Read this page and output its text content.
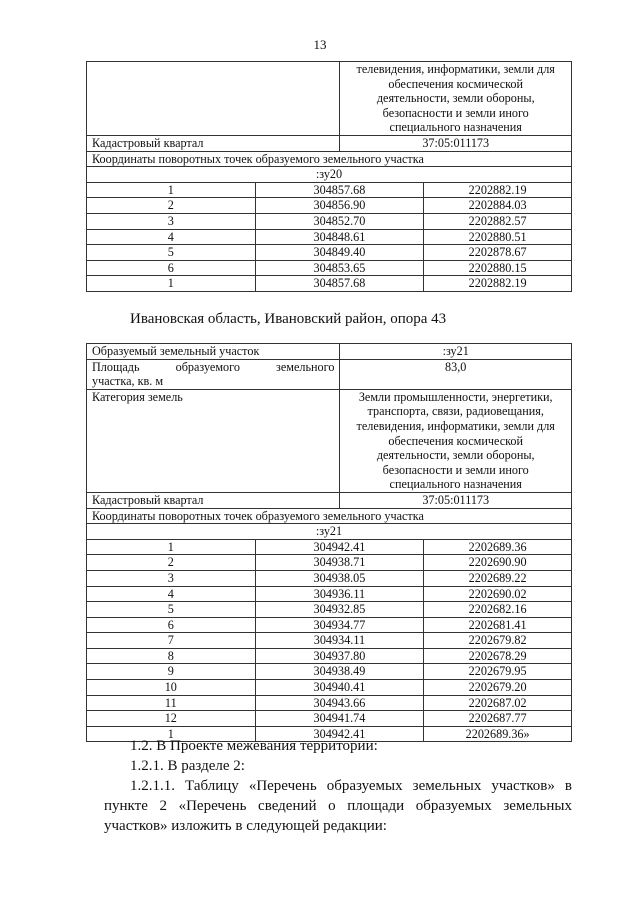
13

		телевидения, информатики, земли для
обеспечения космической
деятельности, земли обороны,
безопасности и земли иного
специального назначения	

Кадастровый квартал		37:05:011173	
Координаты поворотных точек образуемого земельного участка			
:зу20			
1	304857.68		2202882.19
2	304856.90		2202884.03
3	304852.70		2202882.57
4	304848.61		2202880.51
5	304849.40		2202878.67
6	304853.65		2202880.15
1	304857.68		2202882.19
Ивановская область, Ивановский район, опора 43
Образуемый земельный участок		:зу21	

Площадь образуемого земельного
участка, кв. м		83,0	
Категория земель	Земли промышленности, энергетики,
транспорта, связи, радиовещания,
телевидения, информатики, земли для
обеспечения космической
деятельности, земли обороны,
безопасности и земли иного
специального назначения

Кадастровый квартал		37:05:011173	
Координаты поворотных точек образуемого земельного участка			
:зу21			
1	304942.41		2202689.36
2	304938.71		2202690.90
3	304938.05		2202689.22
4	304936.11		2202690.02
5	304932.85		2202682.16
6	304934.77		2202681.41
7	304934.11		2202679.82
8	304937.80		2202678.29
9	304938.49		2202679.95
10	304940.41		2202679.20
11	304943.66		2202687.02
12	304941.74		2202687.77
1	304942.41		2202689.36»
1.2. В Проекте межевания территории:
1.2.1. В разделе 2:
1.2.1.1. Таблицу «Перечень образуемых земельных участков» в пункте 2 «Перечень сведений о площади образуемых земельных участков» изложить в следующей редакции:
